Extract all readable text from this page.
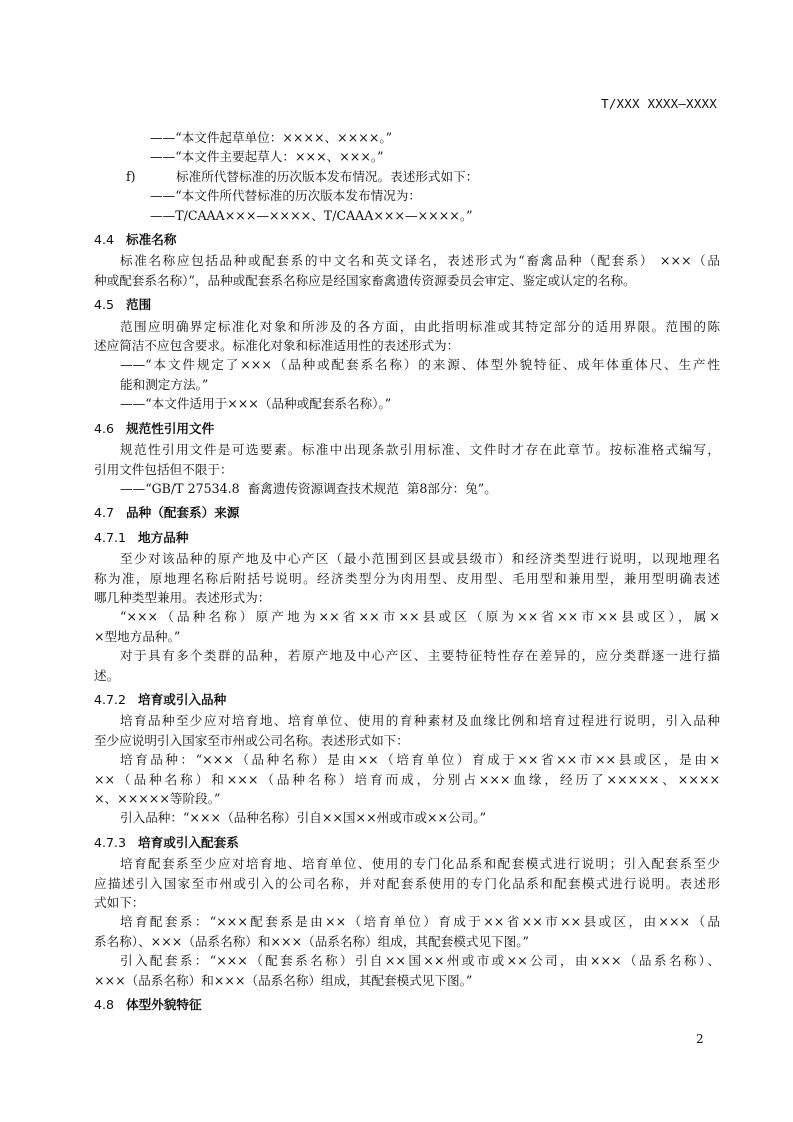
T/XXX XXXX—XXXX

——“本文件起草单位：××××、××××。”

——“本文件主要起草人：×××、×××。”

f)	标准所代替标准的历次版本发布情况。表述形式如下：

——“本文件所代替标准的历次版本发布情况为：

——T/CAAA×××—××××、T/CAAA×××—××××。”

4.4 标准名称

标准名称应包括品种或配套系的中文名和英文译名，表述形式为“畜禽品种（配套系） ×××（品

种或配套系名称）”，品种或配套系名称应是经国家畜禽遗传资源委员会审定、鉴定或认定的名称。

4.5 范围

范围应明确界定标准化对象和所涉及的各方面，由此指明标准或其特定部分的适用界限。范围的陈

述应简洁不应包含要求。标准化对象和标准适用性的表述形式为：

——“本文件规定了×××（品种或配套系名称）的来源、体型外貌特征、成年体重体尺、生产性

能和测定方法。”

——“本文件适用于×××（品种或配套系名称）。”

4.6 规范性引用文件

规范性引用文件是可选要素。标准中出现条款引用标准、文件时才存在此章节。按标准格式编写，

引用文件包括但不限于：

——“GB/T 27534.8  畜禽遗传资源调查技术规范  第8部分：兔”。

4.7 品种（配套系）来源
4.7.1 地方品种

至少对该品种的原产地及中心产区（最小范围到区县或县级市）和经济类型进行说明，以现地理名

称为准，原地理名称后附括号说明。经济类型分为肉用型、皮用型、毛用型和兼用型，兼用型明确表述

哪几种类型兼用。表述形式为：

“×××（品种名称）原产地为××省××市××县或区（原为××省××市××县或区），属×

×型地方品种。”

对于具有多个类群的品种，若原产地及中心产区、主要特征特性存在差异的，应分类群逐一进行描

述。

4.7.2 培育或引入品种

培育品种至少应对培育地、培育单位、使用的育种素材及血缘比例和培育过程进行说明，引入品种

至少应说明引入国家至市州或公司名称。表述形式如下：

培育品种：“×××（品种名称）是由××（培育单位）育成于××省××市××县或区，是由×

××（品种名称）和×××（品种名称）培育而成，分别占×××血缘，经历了×××××、××××

×、×××××等阶段。”

引入品种：“×××（品种名称）引自××国××州或市或××公司。”

4.7.3 培育或引入配套系

培育配套系至少应对培育地、培育单位、使用的专门化品系和配套模式进行说明；引入配套系至少

应描述引入国家至市州或引入的公司名称，并对配套系使用的专门化品系和配套模式进行说明。表述形

式如下：

培育配套系：“×××配套系是由××（培育单位）育成于××省××市××县或区，由×××（品

系名称）、×××（品系名称）和×××（品系名称）组成，其配套模式见下图。”

引入配套系：“×××（配套系名称）引自××国××州或市或××公司，由×××（品系名称）、

×××（品系名称）和×××（品系名称）组成，其配套模式见下图。”

4.8 体型外貌特征
2
